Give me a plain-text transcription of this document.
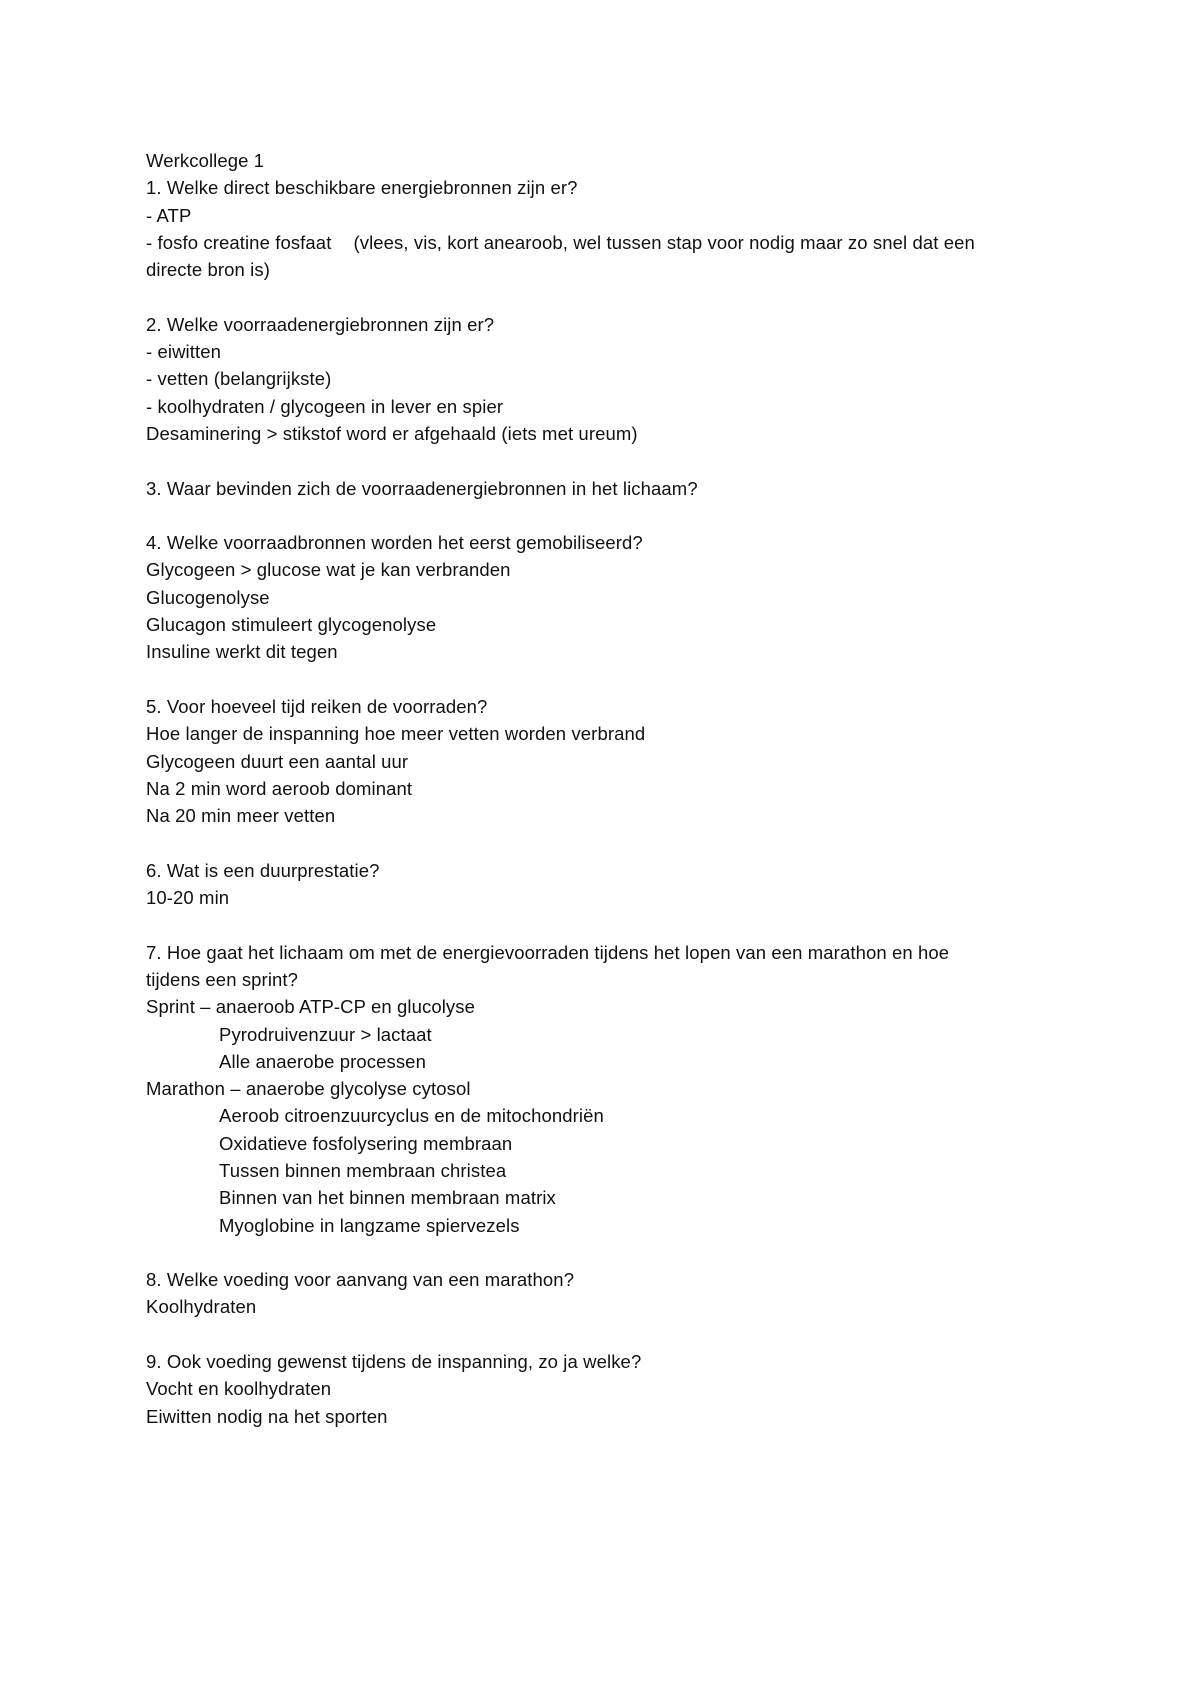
Werkcollege 1

1. Welke direct beschikbare energiebronnen zijn er?

- ATP

- fosfo creatine fosfaat (vlees, vis, kort anearoob, wel tussen stap voor nodig maar zo snel dat een

directe bron is)

2. Welke voorraadenergiebronnen zijn er?

- eiwitten

- vetten (belangrijkste)

- koolhydraten / glycogeen in lever en spier

Desaminering > stikstof word er afgehaald (iets met ureum)

3. Waar bevinden zich de voorraadenergiebronnen in het lichaam?

4. Welke voorraadbronnen worden het eerst gemobiliseerd?

Glycogeen > glucose wat je kan verbranden

Glucogenolyse

Glucagon stimuleert glycogenolyse

Insuline werkt dit tegen

5. Voor hoeveel tijd reiken de voorraden?

Hoe langer de inspanning hoe meer vetten worden verbrand

Glycogeen duurt een aantal uur

Na 2 min word aeroob dominant

Na 20 min meer vetten

6. Wat is een duurprestatie?

10-20 min

7. Hoe gaat het lichaam om met de energievoorraden tijdens het lopen van een marathon en hoe

tijdens een sprint?

Sprint – anaeroob ATP-CP en glucolyse

Pyrodruivenzuur > lactaat

Alle anaerobe processen

Marathon – anaerobe glycolyse cytosol

Aeroob citroenzuurcyclus en de mitochondriën

Oxidatieve fosfolysering membraan

Tussen binnen membraan christea

Binnen van het binnen membraan matrix

Myoglobine in langzame spiervezels

8. Welke voeding voor aanvang van een marathon?

Koolhydraten

9. Ook voeding gewenst tijdens de inspanning, zo ja welke?

Vocht en koolhydraten

Eiwitten nodig na het sporten
